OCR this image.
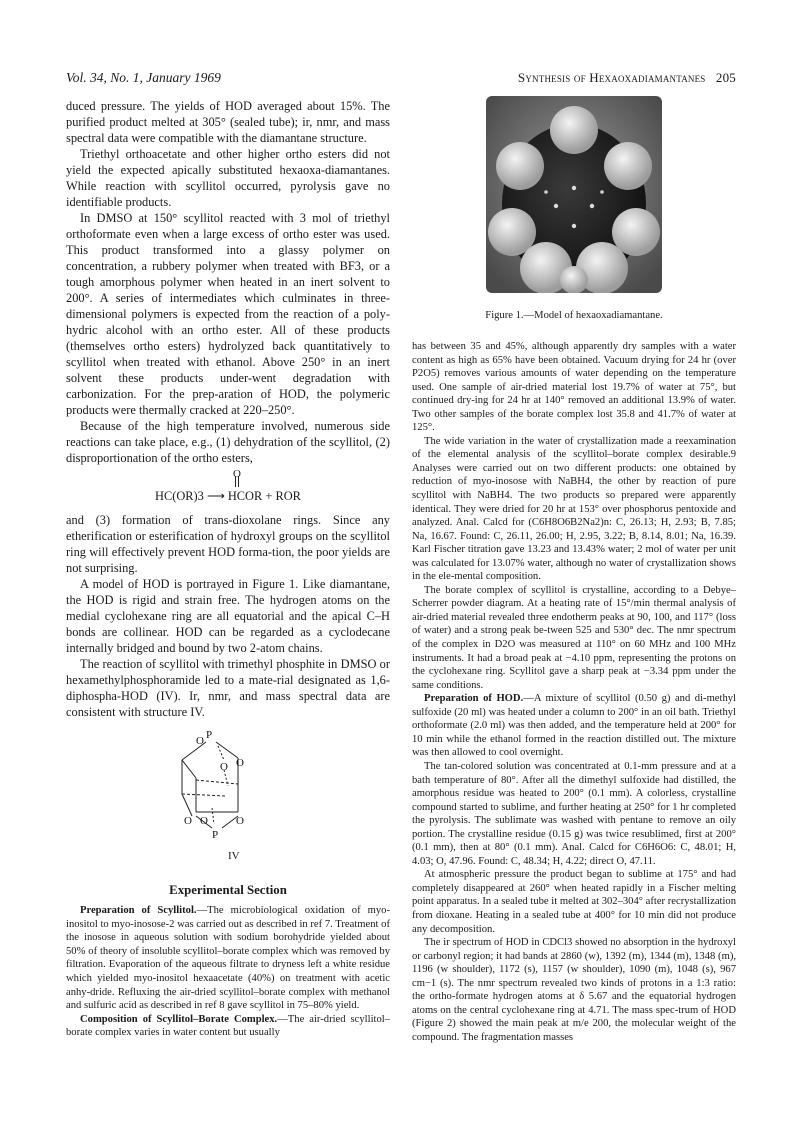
Vol. 34, No. 1, January 1969	Synthesis of Hexaoxadiamantanes 205

duced pressure. The yields of HOD averaged about 15%. The purified product melted at 305° (sealed tube); ir, nmr, and mass spectral data were compatible with the diamantane structure.

Triethyl orthoacetate and other higher ortho esters did not yield the expected apically substituted hexaoxa-diamantanes. While reaction with scyllitol occurred, pyrolysis gave no identifiable products.

In DMSO at 150° scyllitol reacted with 3 mol of triethyl orthoformate even when a large excess of ortho ester was used. This product transformed into a glassy polymer on concentration, a rubbery polymer when treated with BF3, or a tough amorphous polymer when heated in an inert solvent to 200°. A series of intermediates which culminates in three-dimensional polymers is expected from the reaction of a poly-hydric alcohol with an ortho ester. All of these products (themselves ortho esters) hydrolyzed back quantitatively to scyllitol when treated with ethanol. Above 250° in an inert solvent these products under-went degradation with carbonization. For the prep-aration of HOD, the polymeric products were thermally cracked at 220–250°.

Because of the high temperature involved, numerous side reactions can take place, e.g., (1) dehydration of the scyllitol, (2) disproportionation of the ortho esters,

O
HC(OR)3 ⟶ HCOR + ROR

and (3) formation of trans-dioxolane rings. Since any etherification or esterification of hydroxyl groups on the scyllitol ring will effectively prevent HOD forma-tion, the poor yields are not surprising.

A model of HOD is portrayed in Figure 1. Like diamantane, the HOD is rigid and strain free. The hydrogen atoms on the medial cyclohexane ring are all equatorial and the apical C–H bonds are collinear. HOD can be regarded as a cyclodecane internally bridged and bound by two 2-atom chains.

The reaction of scyllitol with trimethyl phosphite in DMSO or hexamethylphosphoramide led to a mate-rial designated as 1,6-diphospha-HOD (IV). Ir, nmr, and mass spectral data are consistent with structure IV.

P
O
O
O
O O	O
P
IV
Experimental Section

Preparation of Scyllitol.—The microbiological oxidation of myo-inositol to myo-inosose-2 was carried out as described in ref 7. Treatment of the inosose in aqueous solution with sodium borohydride yielded about 50% of theory of insoluble scyllitol–borate complex which was removed by filtration. Evaporation of the aqueous filtrate to dryness left a white residue which yielded myo-inositol hexaacetate (40%) on treatment with acetic anhy-dride. Refluxing the air-dried scyllitol–borate complex with methanol and sulfuric acid as described in ref 8 gave scyllitol in 75–80% yield.

Composition of Scyllitol–Borate Complex.—The air-dried scyllitol–borate complex varies in water content but usually

Figure 1.—Model of hexaoxadiamantane.

has between 35 and 45%, although apparently dry samples with a water content as high as 65% have been obtained. Vacuum drying for 24 hr (over P2O5) removes various amounts of water depending on the temperature used. One sample of air-dried material lost 19.7% of water at 75°, but continued dry-ing for 24 hr at 140° removed an additional 13.9% of water. Two other samples of the borate complex lost 35.8 and 41.7% of water at 125°.

The wide variation in the water of crystallization made a reexamination of the elemental analysis of the scyllitol–borate complex desirable.9 Analyses were carried out on two different products: one obtained by reduction of myo-inosose with NaBH4, the other by reaction of pure scyllitol with NaBH4. The two products so prepared were apparently identical. They were dried for 20 hr at 153° over phosphorus pentoxide and analyzed. Anal. Calcd for (C6H8O6B2Na2)n: C, 26.13; H, 2.93; B, 7.85; Na, 16.67. Found: C, 26.11, 26.00; H, 2.95, 3.22; B, 8.14, 8.01; Na, 16.39. Karl Fischer titration gave 13.23 and 13.43% water; 2 mol of water per unit was calculated for 13.07% water, although no water of crystallization shows in the ele-mental composition.

The borate complex of scyllitol is crystalline, according to a Debye–Scherrer powder diagram. At a heating rate of 15°/min thermal analysis of air-dried material revealed three endotherm peaks at 90, 100, and 117° (loss of water) and a strong peak be-tween 525 and 530° dec. The nmr spectrum of the complex in D2O was measured at 110° on 60 MHz and 100 MHz instruments. It had a broad peak at −4.10 ppm, representing the protons on the cyclohexane ring. Scyllitol gave a sharp peak at −3.34 ppm under the same conditions.

Preparation of HOD.—A mixture of scyllitol (0.50 g) and di-methyl sulfoxide (20 ml) was heated under a column to 200° in an oil bath. Triethyl orthoformate (2.0 ml) was then added, and the temperature held at 200° for 10 min while the ethanol formed in the reaction distilled out. The mixture was then allowed to cool overnight.

The tan-colored solution was concentrated at 0.1-mm pressure and at a bath temperature of 80°. After all the dimethyl sulfoxide had distilled, the amorphous residue was heated to 200° (0.1 mm). A colorless, crystalline compound started to sublime, and further heating at 250° for 1 hr completed the pyrolysis. The sublimate was washed with pentane to remove an oily portion. The crystalline residue (0.15 g) was twice resublimed, first at 200° (0.1 mm), then at 80° (0.1 mm). Anal. Calcd for C6H6O6: C, 48.01; H, 4.03; O, 47.96. Found: C, 48.34; H, 4.22; direct O, 47.11.

At atmospheric pressure the product began to sublime at 175° and had completely disappeared at 260° when heated rapidly in a Fischer melting point apparatus. In a sealed tube it melted at 302–304° after recrystallization from dioxane. Heating in a sealed tube at 400° for 10 min did not produce any decomposition.

The ir spectrum of HOD in CDCl3 showed no absorption in the hydroxyl or carbonyl region; it had bands at 2860 (w), 1392 (m), 1344 (m), 1348 (m), 1196 (w shoulder), 1172 (s), 1157 (w shoulder), 1090 (m), 1048 (s), 967 cm−1 (s). The nmr spectrum revealed two kinds of protons in a 1:3 ratio: the ortho-formate hydrogen atoms at δ 5.67 and the equatorial hydrogen atoms on the central cyclohexane ring at 4.71. The mass spec-trum of HOD (Figure 2) showed the main peak at m/e 200, the molecular weight of the compound. The fragmentation masses
